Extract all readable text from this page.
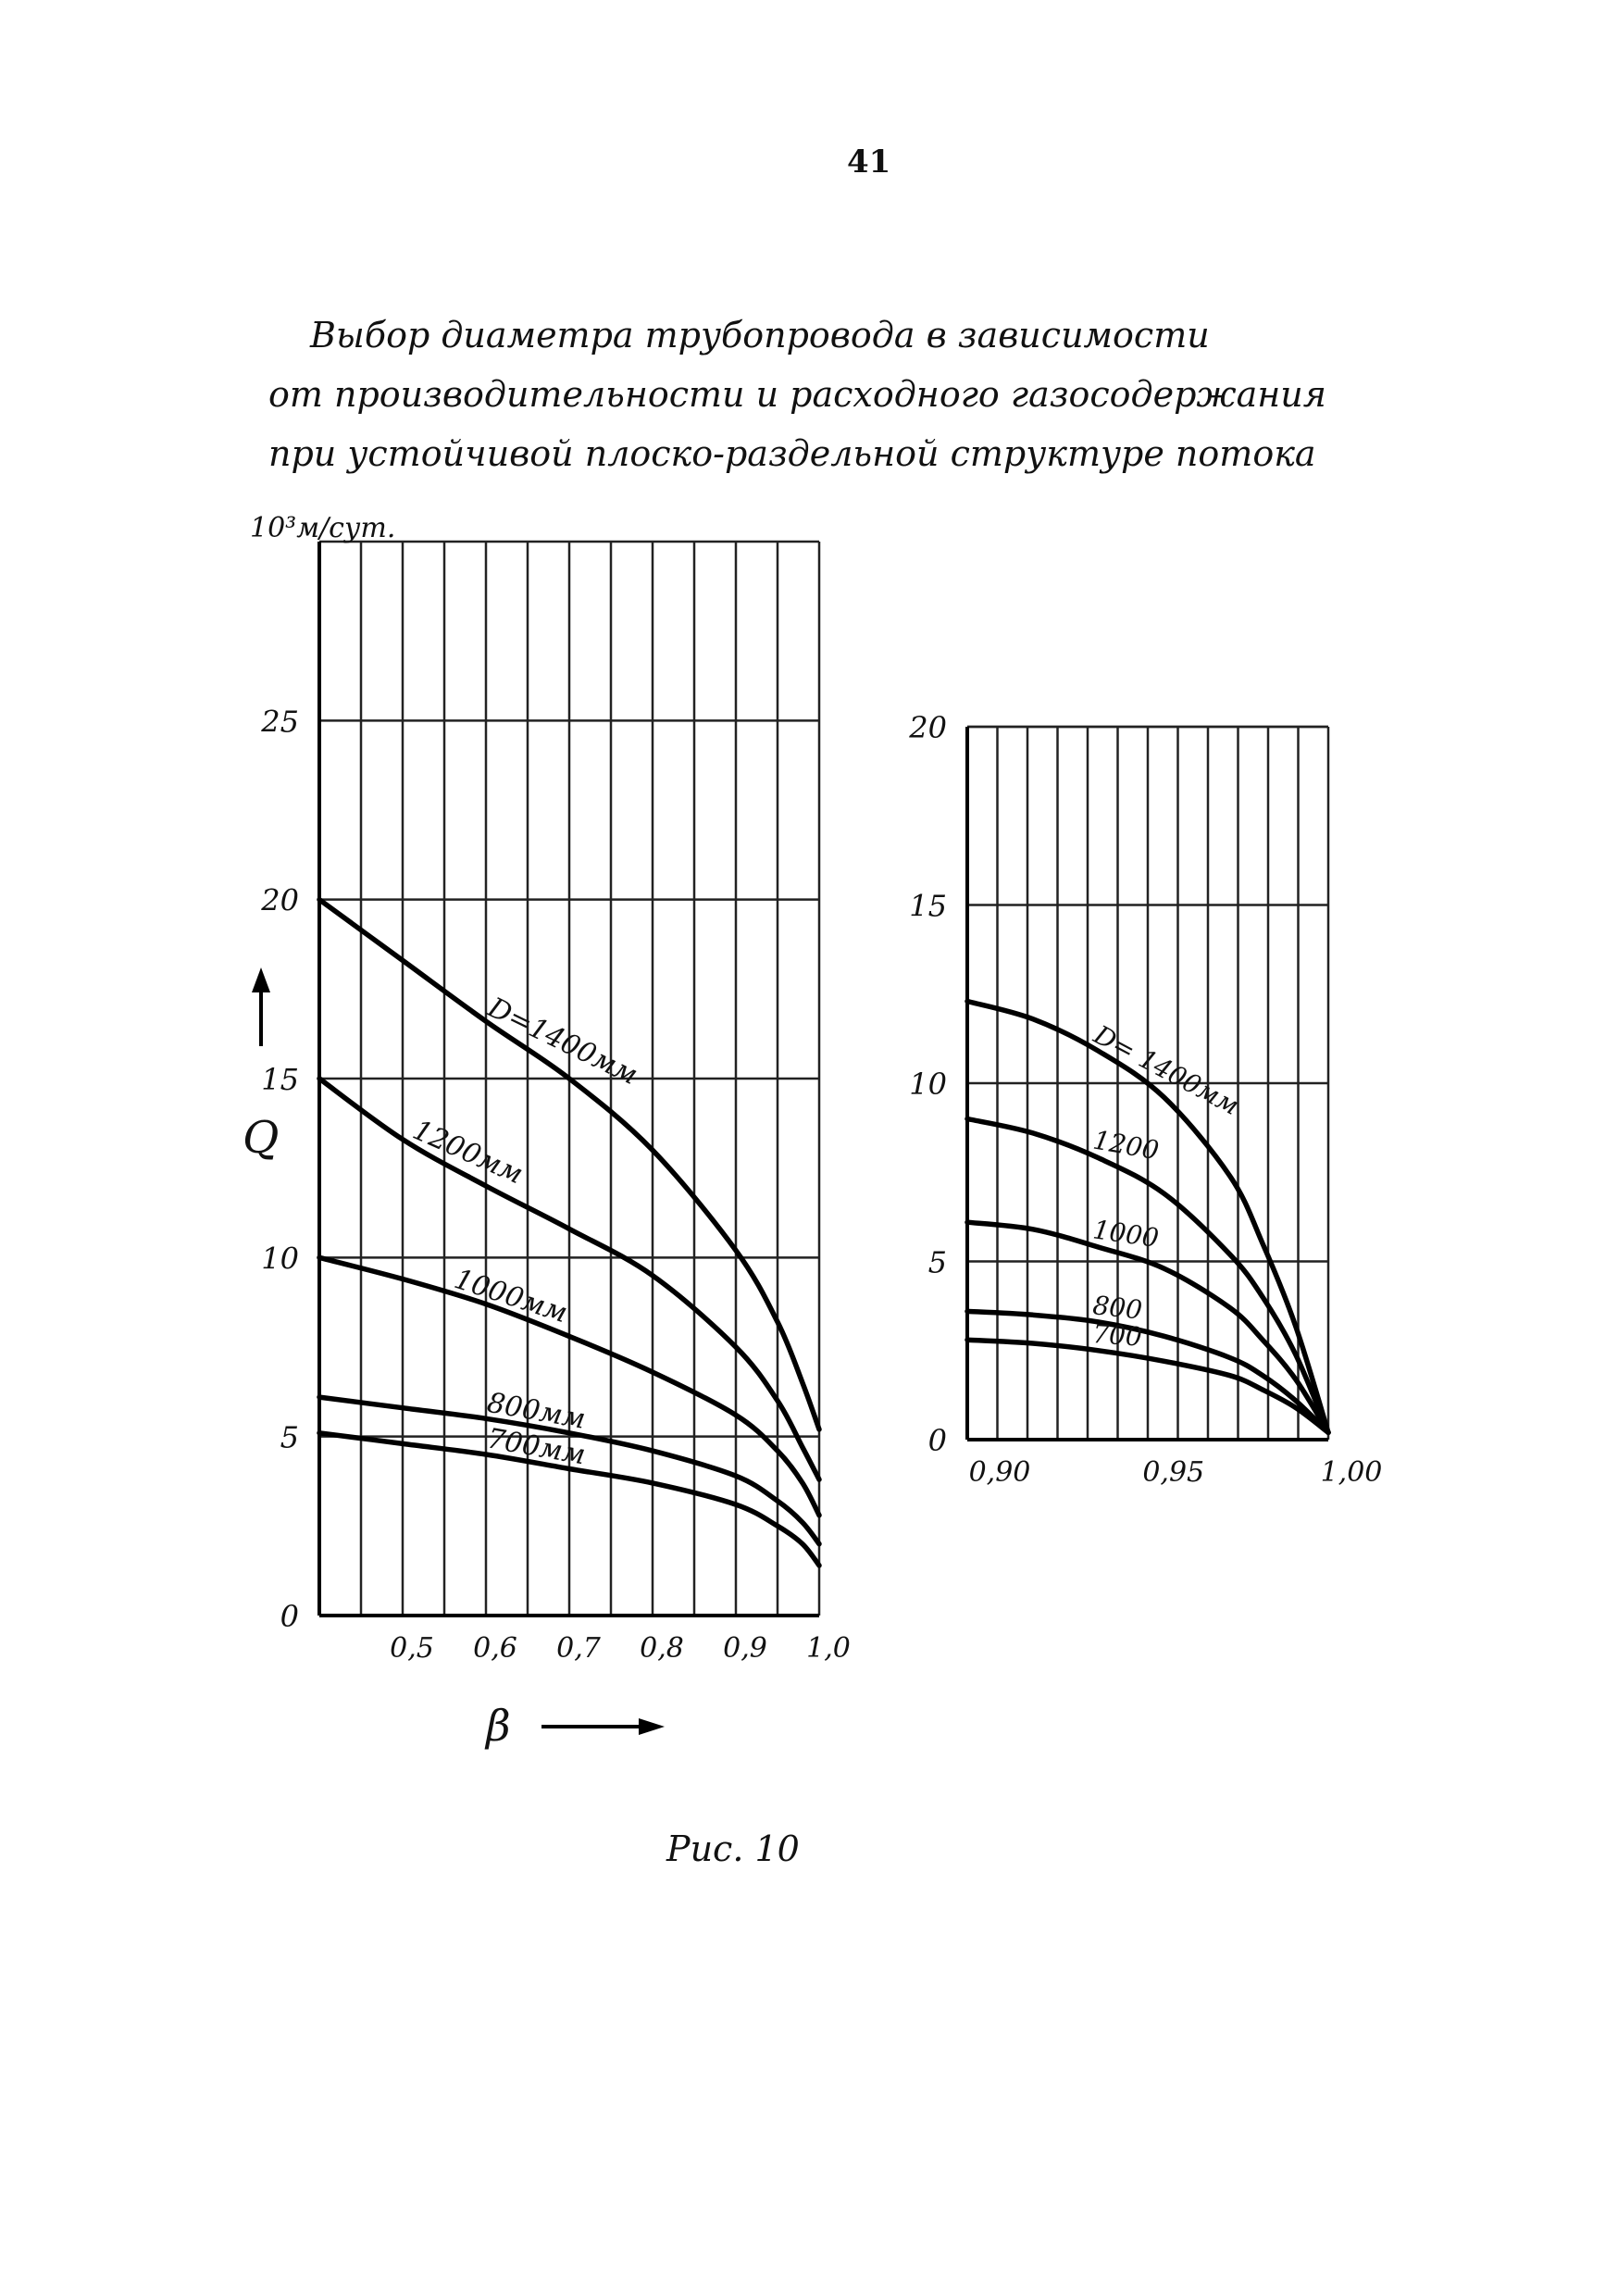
41
Выбор диаметра трубопровода в зависимости
от производительности и расходного газосодержания
при устойчивой плоско-раздельной структуре потока
0
5
10
15
20
25
0,5 0,6 0,7 0,8 0,9 1,0
D=1400мм
1200мм
1000мм
800мм
700мм
Q
10³м/сут.
β
0
5
10
15
20
0,90	0,95	1,00
D= 1400мм
1200
1000
800
700
Рис. 10
